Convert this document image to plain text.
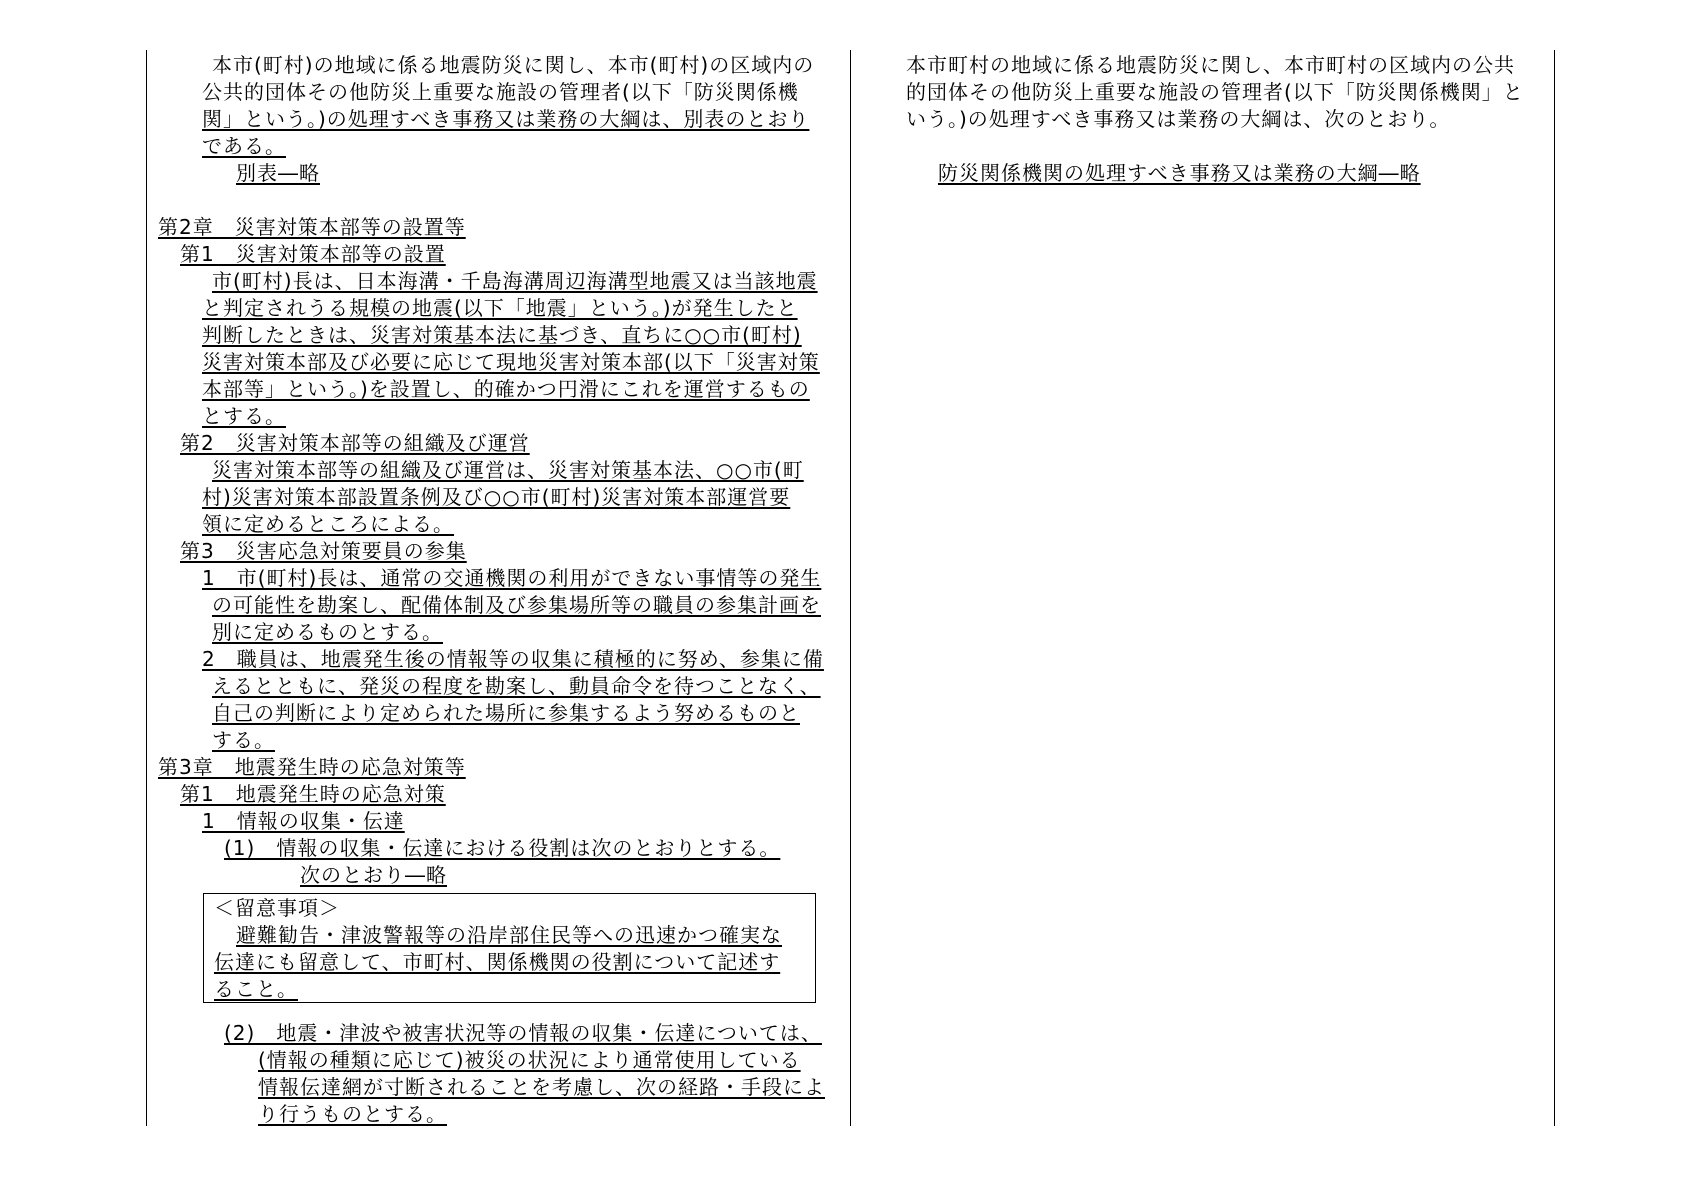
本市(町村)の地域に係る地震防災に関し、本市(町村)の区域内の
公共的団体その他防災上重要な施設の管理者(以下「防災関係機
関」という。)の処理すべき事務又は業務の大綱は、別表のとおり
である。
別表―略
第2章　災害対策本部等の設置等
第1　災害対策本部等の設置
市(町村)長は、日本海溝・千島海溝周辺海溝型地震又は当該地震
と判定されうる規模の地震(以下「地震」という。)が発生したと
判断したときは、災害対策基本法に基づき、直ちに○○市(町村)
災害対策本部及び必要に応じて現地災害対策本部(以下「災害対策
本部等」という。)を設置し、的確かつ円滑にこれを運営するもの
とする。
第2　災害対策本部等の組織及び運営
災害対策本部等の組織及び運営は、災害対策基本法、○○市(町
村)災害対策本部設置条例及び○○市(町村)災害対策本部運営要
領に定めるところによる。
第3　災害応急対策要員の参集
1　市(町村)長は、通常の交通機関の利用ができない事情等の発生
の可能性を勘案し、配備体制及び参集場所等の職員の参集計画を
別に定めるものとする。
2　職員は、地震発生後の情報等の収集に積極的に努め、参集に備
えるとともに、発災の程度を勘案し、動員命令を待つことなく、
自己の判断により定められた場所に参集するよう努めるものと
する。
第3章　地震発生時の応急対策等
第1　地震発生時の応急対策
1　情報の収集・伝達
(1)　情報の収集・伝達における役割は次のとおりとする。
次のとおり―略
＜留意事項＞
避難勧告・津波警報等の沿岸部住民等への迅速かつ確実な
伝達にも留意して、市町村、関係機関の役割について記述す
ること。
(2)　地震・津波や被害状況等の情報の収集・伝達については、
(情報の種類に応じて)被災の状況により通常使用している
情報伝達網が寸断されることを考慮し、次の経路・手段によ
り行うものとする。
本市町村の地域に係る地震防災に関し、本市町村の区域内の公共
的団体その他防災上重要な施設の管理者(以下「防災関係機関」と
いう。)の処理すべき事務又は業務の大綱は、次のとおり。
防災関係機関の処理すべき事務又は業務の大綱―略
